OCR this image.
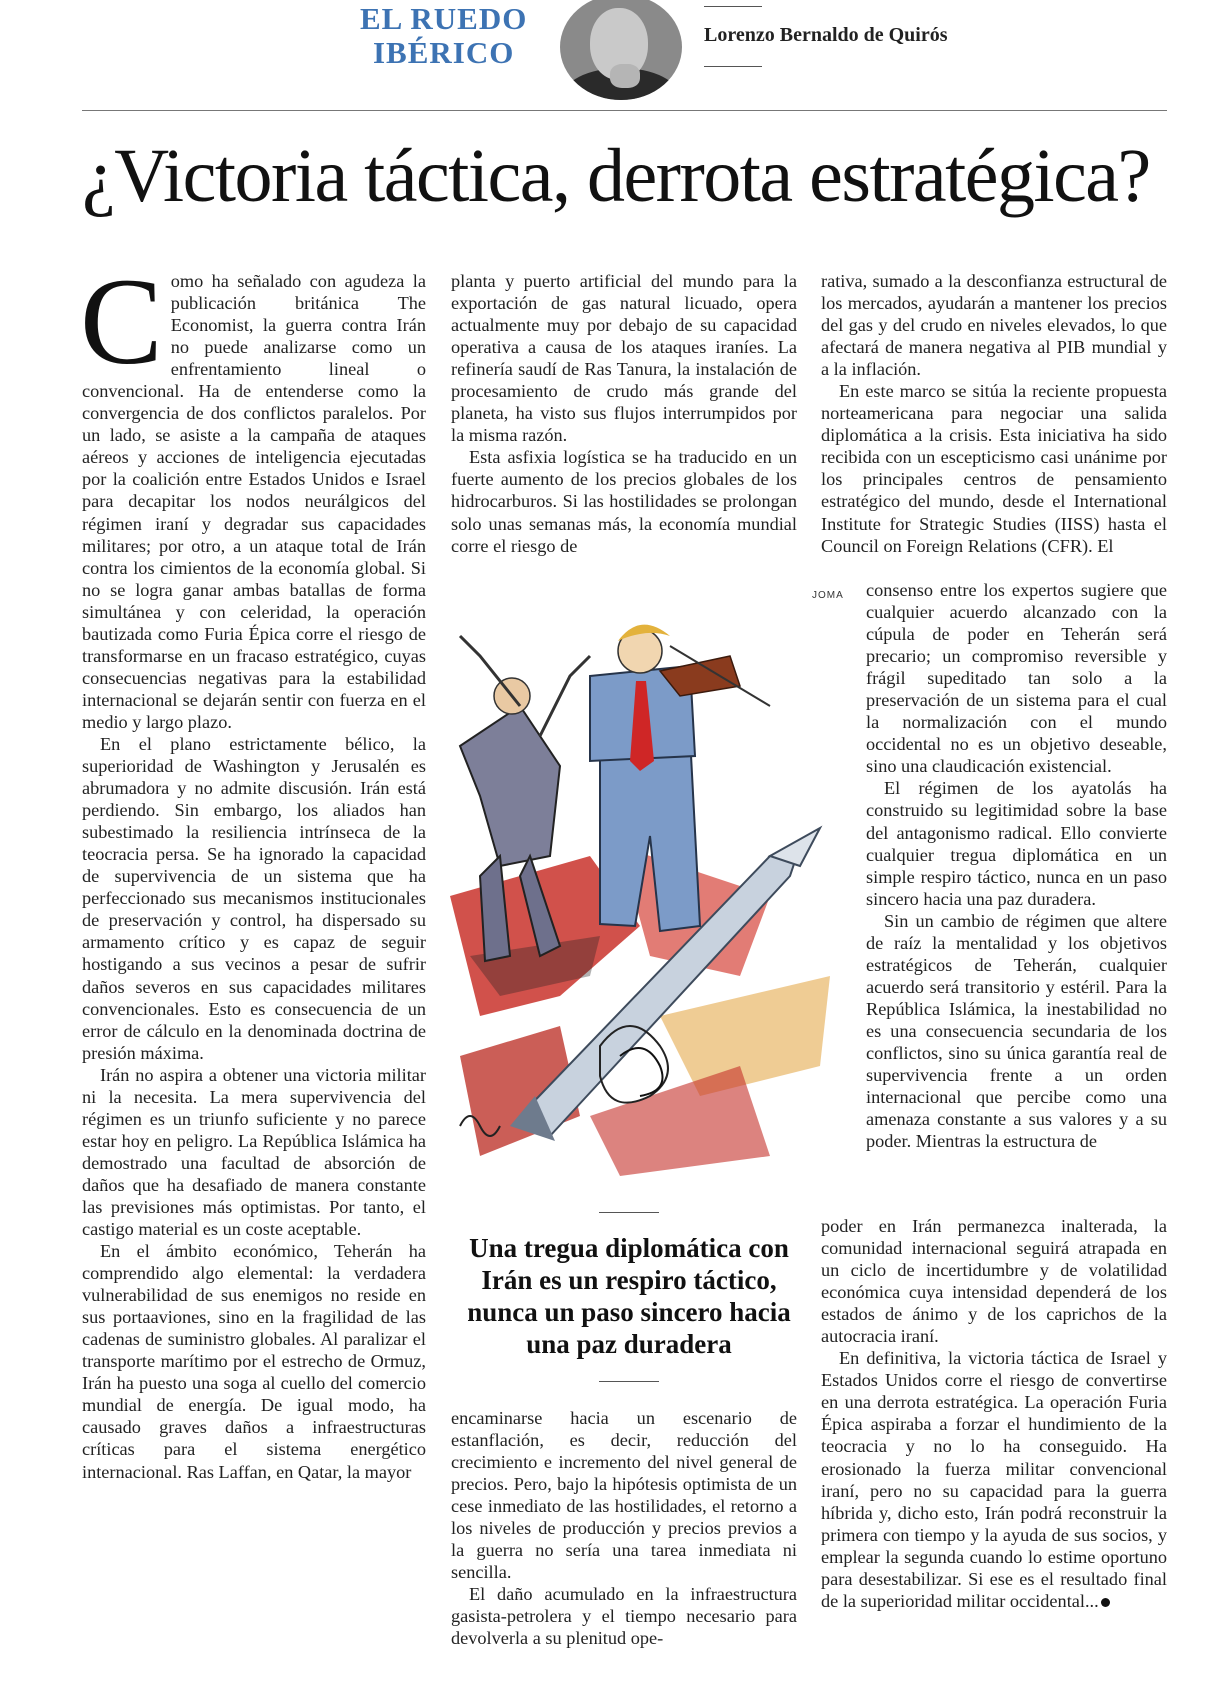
EL RUEDO
IBÉRICO	Lorenzo Bernaldo de Quirós
¿Victoria táctica, derrota estratégica?

Como ha señalado con agudeza la publicación británica The Economist, la guerra contra Irán no puede analizarse como un enfrentamiento lineal o convencional. Ha de entenderse como la convergencia de dos conflictos paralelos. Por un lado, se asiste a la campaña de ataques aéreos y acciones de inteligencia ejecutadas por la coalición entre Estados Unidos e Israel para decapitar los nodos neurálgicos del régimen iraní y degradar sus capacidades militares; por otro, a un ataque total de Irán contra los cimientos de la economía global. Si no se logra ganar ambas batallas de forma simultánea y con celeridad, la operación bautizada como Furia Épica corre el riesgo de transformarse en un fracaso estratégico, cuyas consecuencias negativas para la estabilidad internacional se dejarán sentir con fuerza en el medio y largo plazo.

En el plano estrictamente bélico, la superioridad de Washington y Jerusalén es abrumadora y no admite discusión. Irán está perdiendo. Sin embargo, los aliados han subestimado la resiliencia intrínseca de la teocracia persa. Se ha ignorado la capacidad de supervivencia de un sistema que ha perfeccionado sus mecanismos institucionales de preservación y control, ha dispersado su armamento crítico y es capaz de seguir hostigando a sus vecinos a pesar de sufrir daños severos en sus capacidades militares convencionales. Esto es consecuencia de un error de cálculo en la denominada doctrina de presión máxima.

Irán no aspira a obtener una victoria militar ni la necesita. La mera supervivencia del régimen es un triunfo suficiente y no parece estar hoy en peligro. La República Islámica ha demostrado una facultad de absorción de daños que ha desafiado de manera constante las previsiones más optimistas. Por tanto, el castigo material es un coste aceptable.

En el ámbito económico, Teherán ha comprendido algo elemental: la verdadera vulnerabilidad de sus enemigos no reside en sus portaaviones, sino en la fragilidad de las cadenas de suministro globales. Al paralizar el transporte marítimo por el estrecho de Ormuz, Irán ha puesto una soga al cuello del comercio mundial de energía. De igual modo, ha causado graves daños a infraestructuras críticas para el sistema energético internacional. Ras Laffan, en Qatar, la mayor

planta y puerto artificial del mundo para la exportación de gas natural licuado, opera actualmente muy por debajo de su capacidad operativa a causa de los ataques iraníes. La refinería saudí de Ras Tanura, la instalación de procesamiento de crudo más grande del planeta, ha visto sus flujos interrumpidos por la misma razón.

Esta asfixia logística se ha traducido en un fuerte aumento de los precios globales de los hidrocarburos. Si las hostilidades se prolongan solo unas semanas más, la economía mundial corre el riesgo de

JOMA
Una tregua diplomática con Irán es un respiro táctico, nunca un paso sincero hacia una paz duradera

encaminarse hacia un escenario de estanflación, es decir, reducción del crecimiento e incremento del nivel general de precios. Pero, bajo la hipótesis optimista de un cese inmediato de las hostilidades, el retorno a los niveles de producción y precios previos a la guerra no sería una tarea inmediata ni sencilla.

El daño acumulado en la infraestructura gasista-petrolera y el tiempo necesario para devolverla a su plenitud ope-

rativa, sumado a la desconfianza estructural de los mercados, ayudarán a mantener los precios del gas y del crudo en niveles elevados, lo que afectará de manera negativa al PIB mundial y a la inflación.

En este marco se sitúa la reciente propuesta norteamericana para negociar una salida diplomática a la crisis. Esta iniciativa ha sido recibida con un escepticismo casi unánime por los principales centros de pensamiento estratégico del mundo, desde el International Institute for Strategic Studies (IISS) hasta el Council on Foreign Relations (CFR). El

consenso entre los expertos sugiere que cualquier acuerdo alcanzado con la cúpula de poder en Teherán será precario; un compromiso reversible y frágil supeditado tan solo a la preservación de un sistema para el cual la normalización con el mundo occidental no es un objetivo deseable, sino una claudicación existencial.

El régimen de los ayatolás ha construido su legitimidad sobre la base del antagonismo radical. Ello convierte cualquier tregua diplomática en un simple respiro táctico, nunca en un paso sincero hacia una paz duradera.

Sin un cambio de régimen que altere de raíz la mentalidad y los objetivos estratégicos de Teherán, cualquier acuerdo será transitorio y estéril. Para la República Islámica, la inestabilidad no es una consecuencia secundaria de los conflictos, sino su única garantía real de supervivencia frente a un orden internacional que percibe como una amenaza constante a sus valores y a su poder. Mientras la estructura de

poder en Irán permanezca inalterada, la comunidad internacional seguirá atrapada en un ciclo de incertidumbre y de volatilidad económica cuya intensidad dependerá de los estados de ánimo y de los caprichos de la autocracia iraní.

En definitiva, la victoria táctica de Israel y Estados Unidos corre el riesgo de convertirse en una derrota estratégica. La operación Furia Épica aspiraba a forzar el hundimiento de la teocracia y no lo ha conseguido. Ha erosionado la fuerza militar convencional iraní, pero no su capacidad para la guerra híbrida y, dicho esto, Irán podrá reconstruir la primera con tiempo y la ayuda de sus socios, y emplear la segunda cuando lo estime oportuno para desestabilizar. Si ese es el resultado final de la superioridad militar occidental...
